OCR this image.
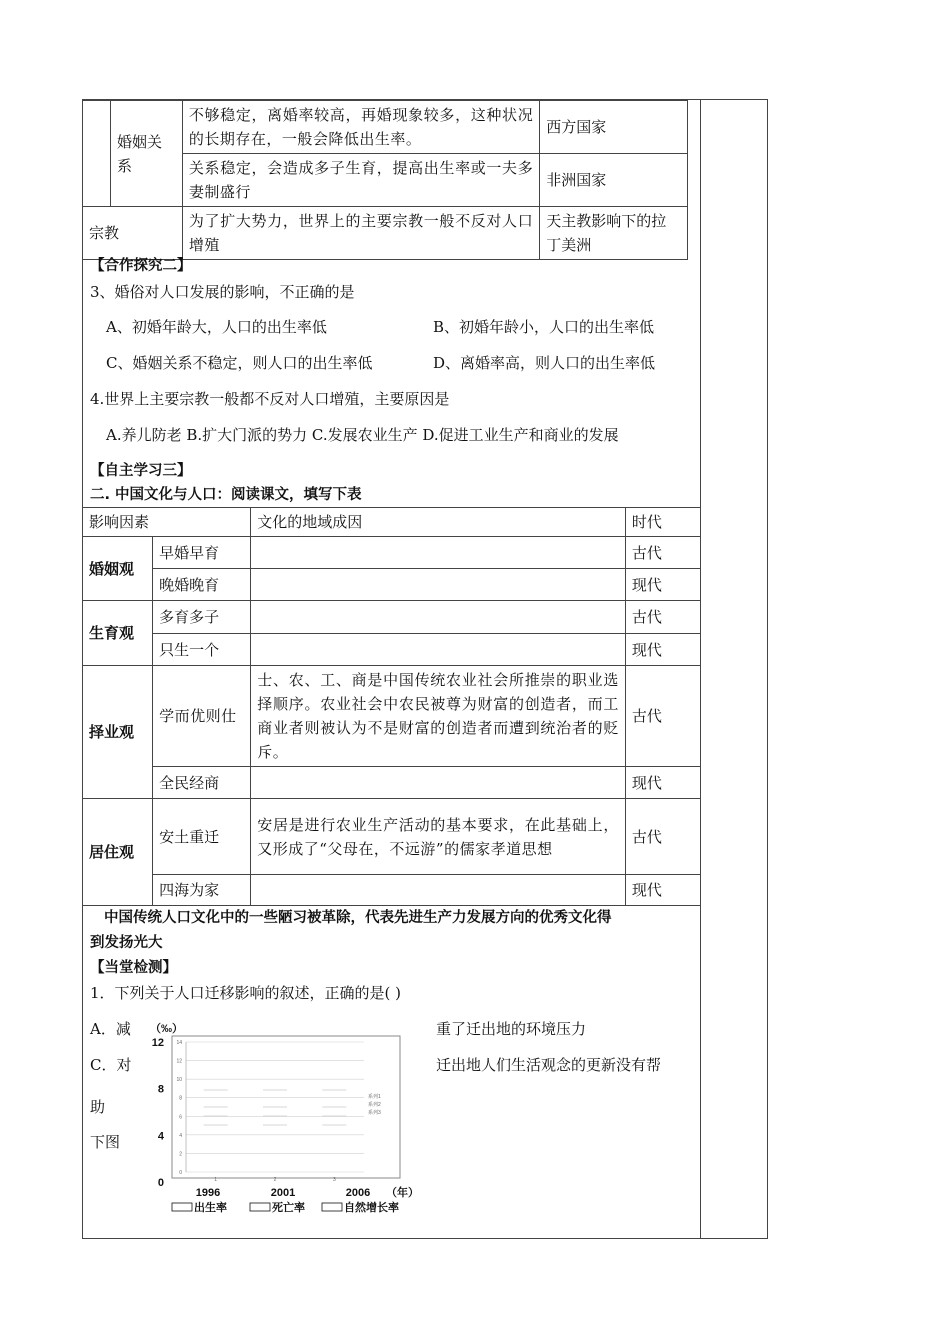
	婚姻关系	不够稳定，离婚率较高，再婚现象较多，这种状况的长期存在，一般会降低出生率。	西方国家
		关系稳定，会造成多子生育，提高出生率或一夫多妻制盛行	非洲国家
宗教		为了扩大势力，世界上的主要宗教一般不反对人口增殖	天主教影响下的拉丁美洲
【合作探究二】
3、婚俗对人口发展的影响，不正确的是
A、初婚年龄大，人口的出生率低	B、初婚年龄小，人口的出生率低
C、婚姻关系不稳定，则人口的出生率低	D、离婚率高，则人口的出生率低
4.世界上主要宗教一般都不反对人口增殖，主要原因是
A.养儿防老 B.扩大门派的势力 C.发展农业生产 D.促进工业生产和商业的发展
【自主学习三】
二. 中国文化与人口：阅读课文，填写下表
影响因素		文化的地域成因	时代
婚姻观	早婚早育		古代
	晚婚晚育		现代
生育观	多育多子		古代
	只生一个		现代
择业观	学而优则仕	士、农、工、商是中国传统农业社会所推崇的职业选择顺序。农业社会中农民被尊为财富的创造者，而工商业者则被认为不是财富的创造者而遭到统治者的贬斥。	古代
	全民经商		现代
居住观	安土重迁	安居是进行农业生产活动的基本要求，在此基础上，又形成了“父母在，不远游”的儒家孝道思想	古代
	四海为家		现代
中国传统人口文化中的一些陋习被革除，代表先进生产力发展方向的优秀文化得
到发扬光大
【当堂检测】
1．下列关于人口迁移影响的叙述，正确的是( )
A．减	重了迁出地的环境压力
C．对	迁出地人们生活观念的更新没有帮
助
下图
（‰）
0
4
8
12
0
2
4
6
8
10
12
14
1	2	3
系列1
系列2
系列3
1996	2001	2006 （年）
出生率	死亡率	自然增长率
